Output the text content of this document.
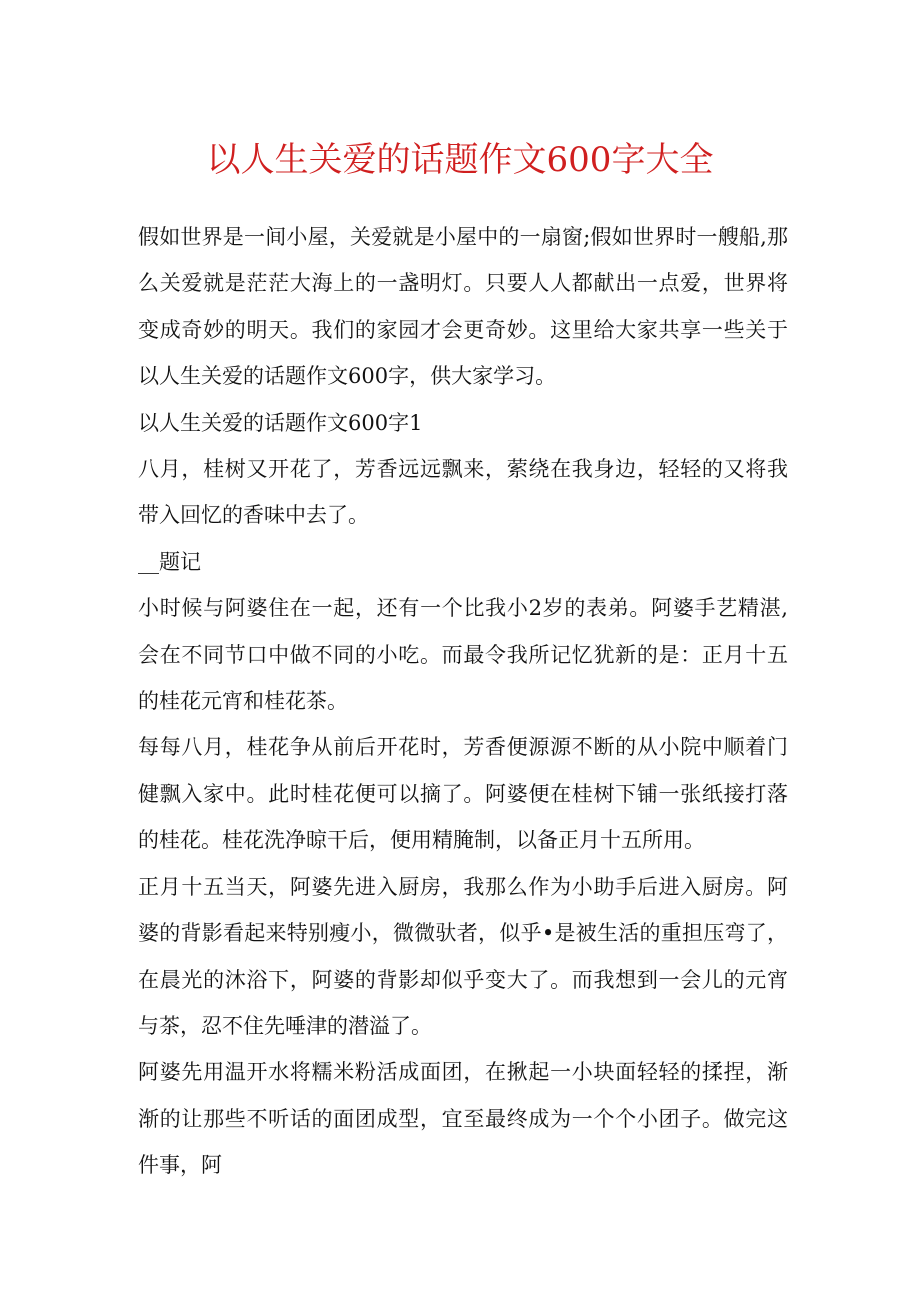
以人生关爱的话题作文600字大全

假如世界是一间小屋，关爱就是小屋中的一扇窗;假如世界时一艘船,那么关爱就是茫茫大海上的一盏明灯。只要人人都献出一点爱，世界将变成奇妙的明天。我们的家园才会更奇妙。这里给大家共享一些关于以人生关爱的话题作文600字，供大家学习。

以人生关爱的话题作文600字1

八月，桂树又开花了，芳香远远飘来，萦绕在我身边，轻轻的又将我带入回忆的香味中去了。

__题记

小时候与阿婆住在一起，还有一个比我小2岁的表弟。阿婆手艺精湛,会在不同节口中做不同的小吃。而最令我所记忆犹新的是：正月十五的桂花元宵和桂花茶。

每每八月，桂花争从前后开花时，芳香便源源不断的从小院中顺着门健飘入家中。此时桂花便可以摘了。阿婆便在桂树下铺一张纸接打落的桂花。桂花洗净晾干后，便用精腌制，以备正月十五所用。

正月十五当天，阿婆先进入厨房，我那么作为小助手后进入厨房。阿婆的背影看起来特别瘦小，微微驮者，似乎•是被生活的重担压弯了，在晨光的沐浴下，阿婆的背影却似乎变大了。而我想到一会儿的元宵与茶，忍不住先唾津的潜溢了。

阿婆先用温开水将糯米粉活成面团，在揪起一小块面轻轻的揉捏，渐渐的让那些不听话的面团成型，宜至最终成为一个个小团子。做完这件事，阿
